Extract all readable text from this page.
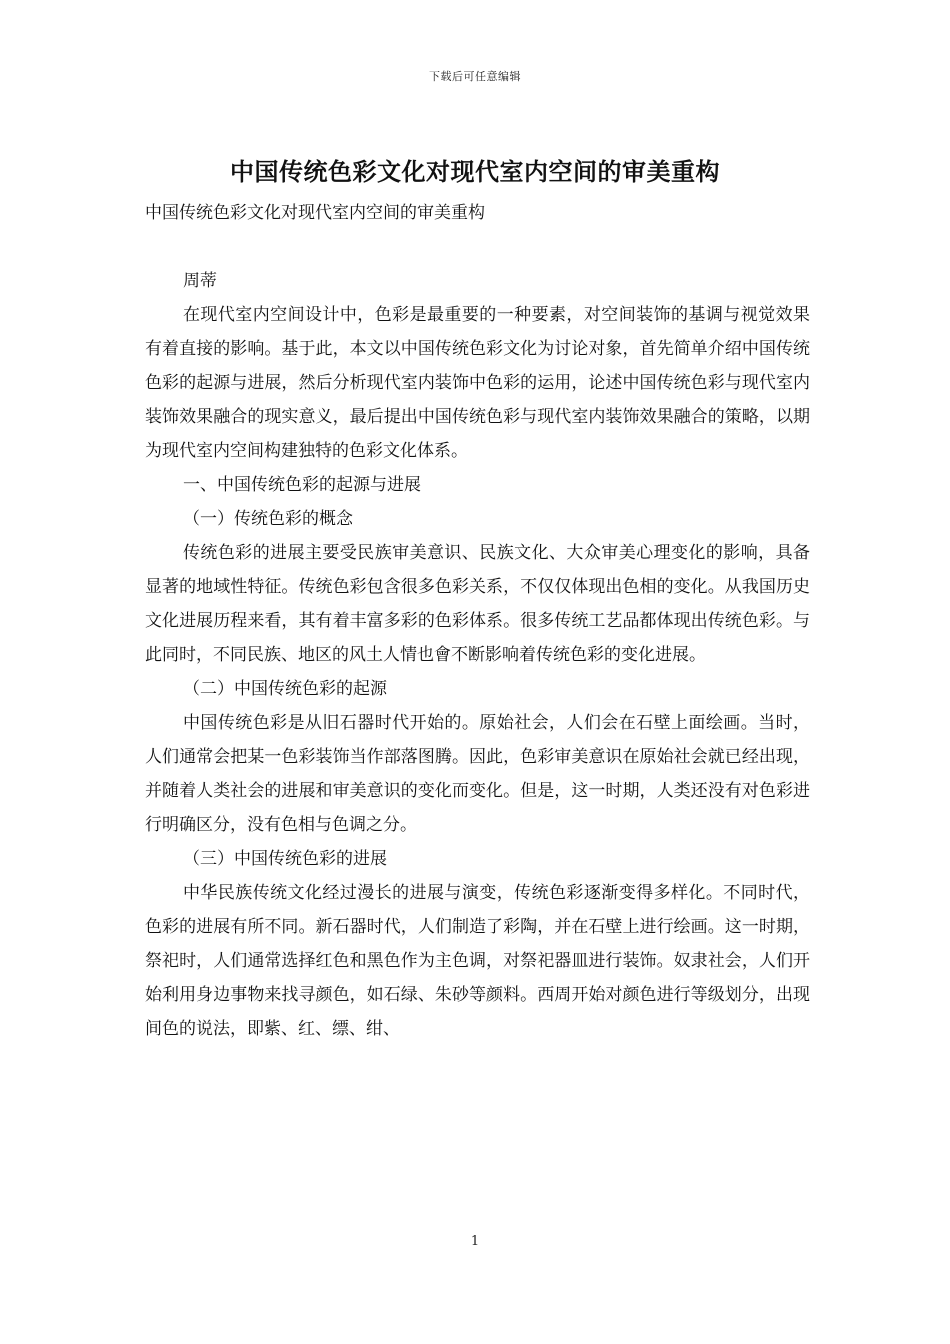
下载后可任意编辑
中国传统色彩文化对现代室内空间的审美重构

中国传统色彩文化对现代室内空间的审美重构

周蒂

在现代室内空间设计中，色彩是最重要的一种要素，对空间装饰的基调与视觉效果有着直接的影响。基于此，本文以中国传统色彩文化为讨论对象，首先简单介绍中国传统色彩的起源与进展，然后分析现代室内装饰中色彩的运用，论述中国传统色彩与现代室内装饰效果融合的现实意义，最后提出中国传统色彩与现代室内装饰效果融合的策略，以期为现代室内空间构建独特的色彩文化体系。

一、中国传统色彩的起源与进展

（一）传统色彩的概念

传统色彩的进展主要受民族审美意识、民族文化、大众审美心理变化的影响，具备显著的地域性特征。传统色彩包含很多色彩关系，不仅仅体现出色相的变化。从我国历史文化进展历程来看，其有着丰富多彩的色彩体系。很多传统工艺品都体现出传统色彩。与此同时，不同民族、地区的风土人情也會不断影响着传统色彩的变化进展。

（二）中国传统色彩的起源

中国传统色彩是从旧石器时代开始的。原始社会，人们会在石壁上面绘画。当时，人们通常会把某一色彩装饰当作部落图腾。因此，色彩审美意识在原始社会就已经出现，并随着人类社会的进展和审美意识的变化而变化。但是，这一时期，人类还没有对色彩进行明确区分，没有色相与色调之分。

（三）中国传统色彩的进展

中华民族传统文化经过漫长的进展与演变，传统色彩逐渐变得多样化。不同时代，色彩的进展有所不同。新石器时代，人们制造了彩陶，并在石壁上进行绘画。这一时期，祭祀时，人们通常选择红色和黑色作为主色调，对祭祀器皿进行装饰。奴隶社会，人们开始利用身边事物来找寻颜色，如石绿、朱砂等颜料。西周开始对颜色进行等级划分，出现间色的说法，即紫、红、缥、绀、

1
